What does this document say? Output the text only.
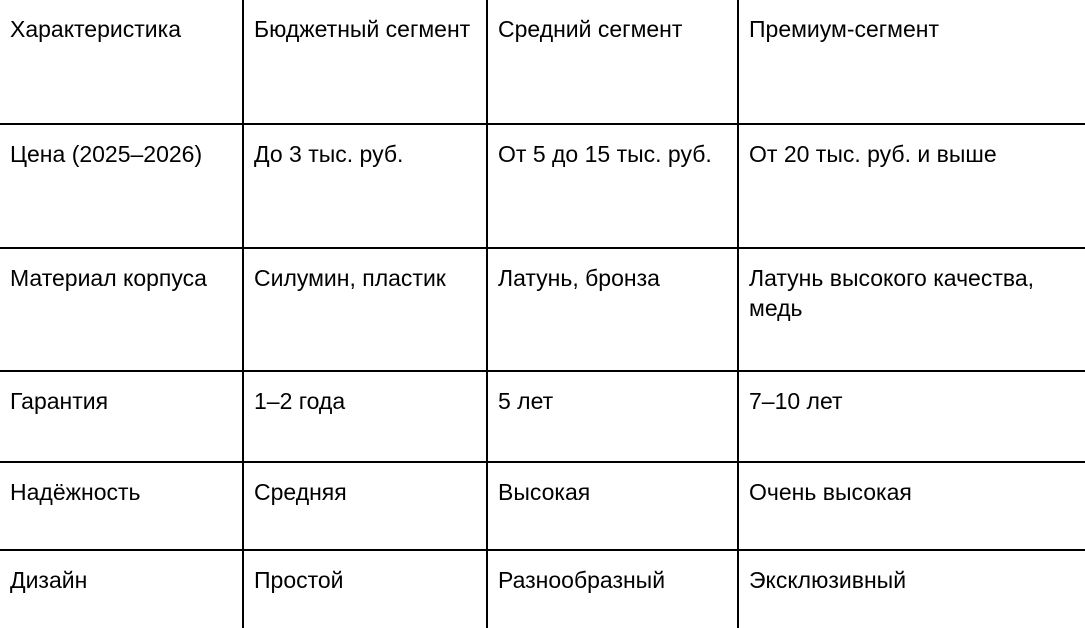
Характеристика	Бюджетный сегмент	Средний сегмент	Премиум-сегмент
Цена (2025–2026)	До 3 тыс. руб.	От 5 до 15 тыс. руб.	От 20 тыс. руб. и выше
Материал корпуса	Силумин, пластик	Латунь, бронза	Латунь высокого качества, медь
Гарантия	1–2 года	5 лет	7–10 лет
Надёжность	Средняя	Высокая	Очень высокая
Дизайн	Простой	Разнообразный	Эксклюзивный
